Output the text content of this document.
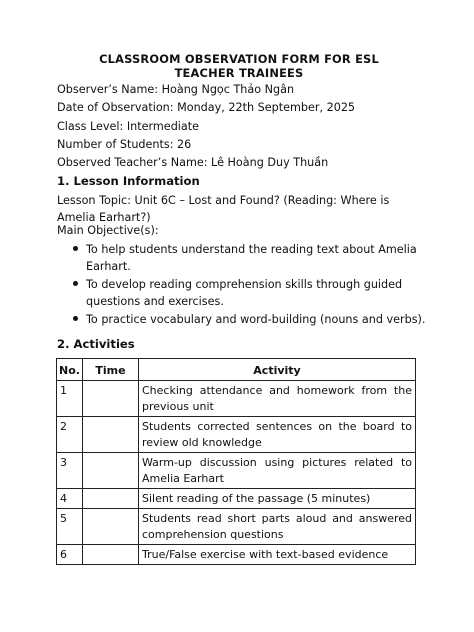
CLASSROOM OBSERVATION FORM FOR ESL TEACHER TRAINEES
Observer’s Name: Hoàng Ngọc Thảo Ngân
Date of Observation: Monday, 22th September, 2025
Class Level: Intermediate
Number of Students: 26
Observed Teacher’s Name: Lê Hoàng Duy Thuần
1. Lesson Information
Lesson Topic: Unit 6C – Lost and Found? (Reading: Where is Amelia Earhart?)
Main Objective(s):
To help students understand the reading text about Amelia Earhart.
To develop reading comprehension skills through guided questions and exercises.
To practice vocabulary and word-building (nouns and verbs).
2. Activities
No.	Time	Activity
1		Checking attendance and homework from the previous unit
2		Students corrected sentences on the board to review old knowledge
3		Warm-up discussion using pictures related to Amelia Earhart
4		Silent reading of the passage (5 minutes)
5		Students read short parts aloud and answered comprehension questions
6		True/False exercise with text-based evidence
